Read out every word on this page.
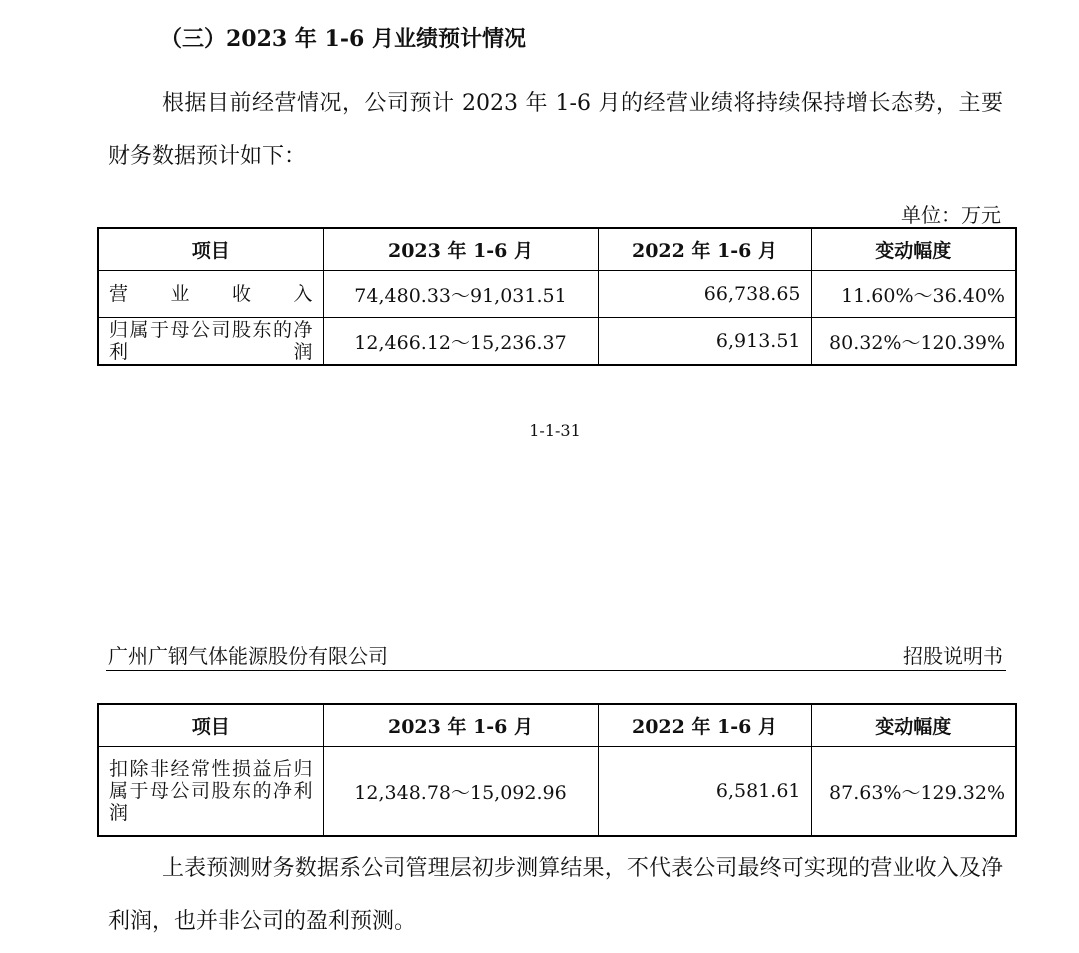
（三）2023 年 1-6 月业绩预计情况
根据目前经营情况，公司预计 2023 年 1-6 月的经营业绩将持续保持增长态势，主要财务数据预计如下：
单位：万元
项目	2023 年 1-6 月	2022 年 1-6 月	变动幅度
营业收入	74,480.33～91,031.51	66,738.65	11.60%～36.40%
归属于母公司股东的净利润	12,466.12～15,236.37	6,913.51	80.32%～120.39%
1-1-31
广州广钢气体能源股份有限公司	招股说明书
项目	2023 年 1-6 月	2022 年 1-6 月	变动幅度
扣除非经常性损益后归属于母公司股东的净利润	12,348.78～15,092.96	6,581.61	87.63%～129.32%
上表预测财务数据系公司管理层初步测算结果，不代表公司最终可实现的营业收入及净利润，也并非公司的盈利预测。
